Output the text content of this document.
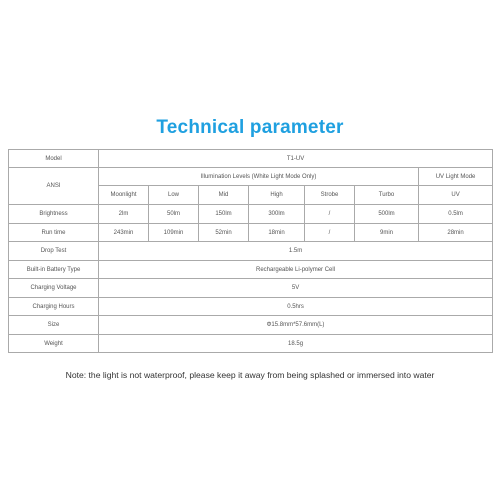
Technical parameter
Model	T1-UV						
ANSI	Illumination Levels (White Light Mode Only)						UV Light Mode
	Moonlight	Low	Mid	High	Strobe	Turbo	UV
Brightness	2lm	50lm	150lm	300lm	/	500lm	0.5lm
Run time	243min	109min	52min	18min	/	9min	28min
Drop Test	1.5m						
Built-in Battery Type	Rechargeable Li-polymer Cell						
Charging Voltage	5V						
Charging Hours	0.5hrs						
Size	Φ15.8mm*57.6mm(L)						
Weight	18.5g						
Note: the light is not waterproof, please keep it away from being splashed or immersed into water
